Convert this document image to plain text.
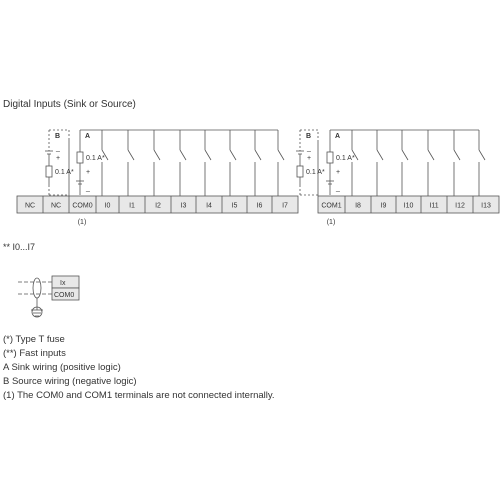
Digital Inputs (Sink or Source)
NC NC COM0 I0	I1	I2	I3	I4	I5	I6	I7
(1)
B	A
_
+
+
_
0.1 A*
0.1 A*
COM1 I8	I9 I10 I11 I12 I13
(1)
B	A
_
+
+
_
0.1 A*
0.1 A*
Ix
COM0
** I0...I7
(*) Type T fuse
(**) Fast inputs
A Sink wiring (positive logic)
B Source wiring (negative logic)
(1) The COM0 and COM1 terminals are not connected internally.
